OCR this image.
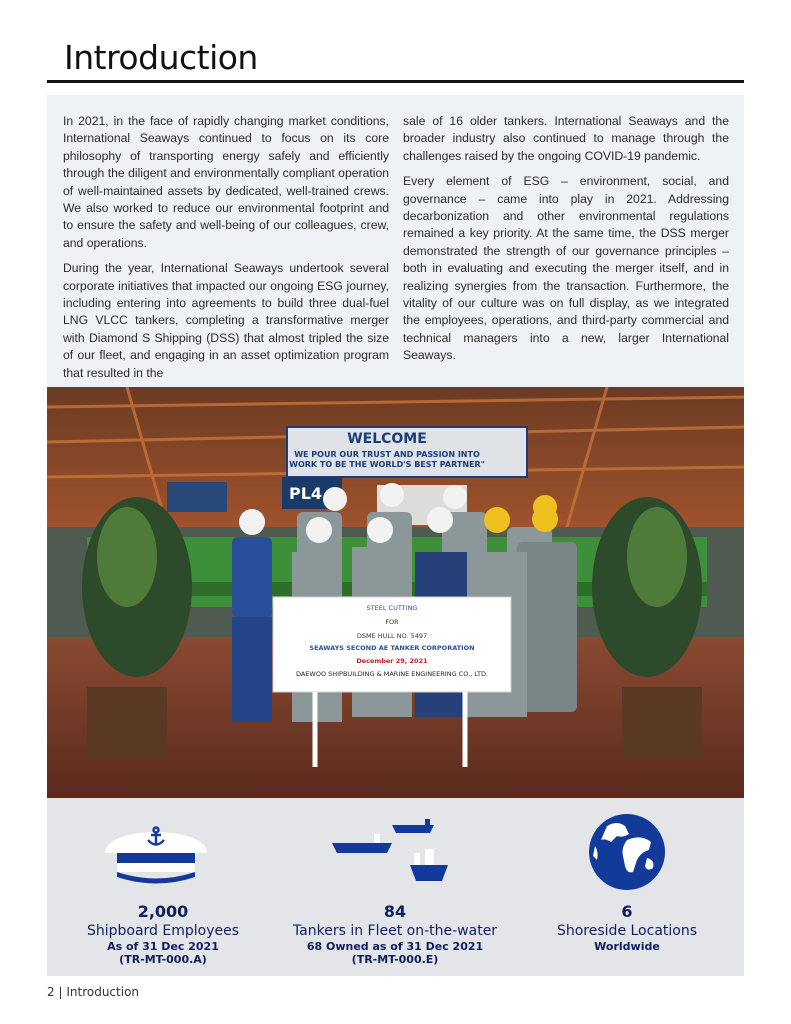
Introduction

In 2021, in the face of rapidly changing market conditions, International Seaways continued to focus on its core philosophy of transporting energy safely and efficiently through the diligent and environmentally compliant operation of well-maintained assets by dedicated, well-trained crews. We also worked to reduce our environmental footprint and to ensure the safety and well-being of our colleagues, crew, and operations.

During the year, International Seaways undertook several corporate initiatives that impacted our ongoing ESG journey, including entering into agreements to build three dual-fuel LNG VLCC tankers, completing a transformative merger with Diamond S Shipping (DSS) that almost tripled the size of our fleet, and engaging in an asset optimization program that resulted in the

sale of 16 older tankers. International Seaways and the broader industry also continued to manage through the challenges raised by the ongoing COVID-19 pandemic.

Every element of ESG – environment, social, and governance – came into play in 2021. Addressing decarbonization and other environmental regulations remained a key priority. At the same time, the DSS merger demonstrated the strength of our governance principles – both in evaluating and executing the merger itself, and in realizing synergies from the transaction. Furthermore, the vitality of our culture was on full display, as we integrated the employees, operations, and third-party commercial and technical managers into a new, larger International Seaways.

WELCOME
WE POUR OUR TRUST AND PASSION INTO
WORK TO BE THE WORLD'S BEST PARTNER"
PL4
STEEL CUTTING
FOR
DSME HULL NO. 5497
SEAWAYS SECOND AE TANKER CORPORATION
December 29, 2021
DAEWOO SHIPBUILDING & MARINE ENGINEERING CO., LTD.
2,000
Shipboard Employees
As of 31 Dec 2021
(TR-MT-000.A)
84
Tankers in Fleet on-the-water
68 Owned as of 31 Dec 2021
(TR-MT-000.E)
6
Shoreside Locations
Worldwide
2 | Introduction
